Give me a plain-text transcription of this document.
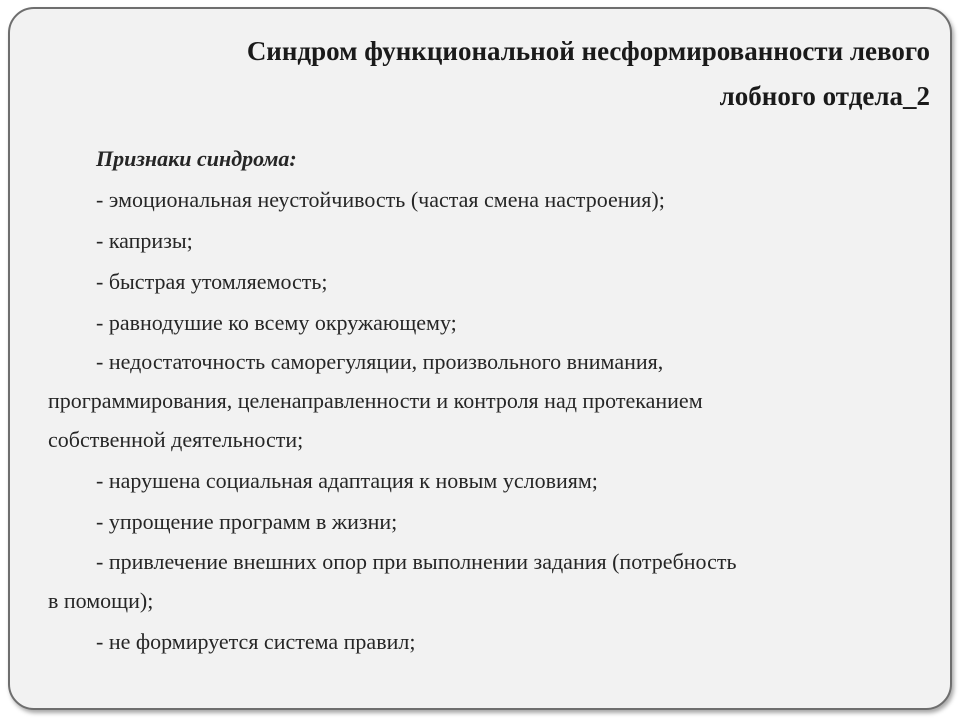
Синдром функциональной несформированности левого
лобного отдела_2
Признаки синдрома:
- эмоциональная неустойчивость (частая смена настроения);
- капризы;
- быстрая утомляемость;
- равнодушие ко всему окружающему;
- недостаточность саморегуляции, произвольного внимания,
программирования, целенаправленности и контроля над протеканием
собственной деятельности;
- нарушена социальная адаптация к новым условиям;
- упрощение программ в жизни;
- привлечение внешних опор при выполнении задания (потребность
в помощи);
- не формируется система правил;
